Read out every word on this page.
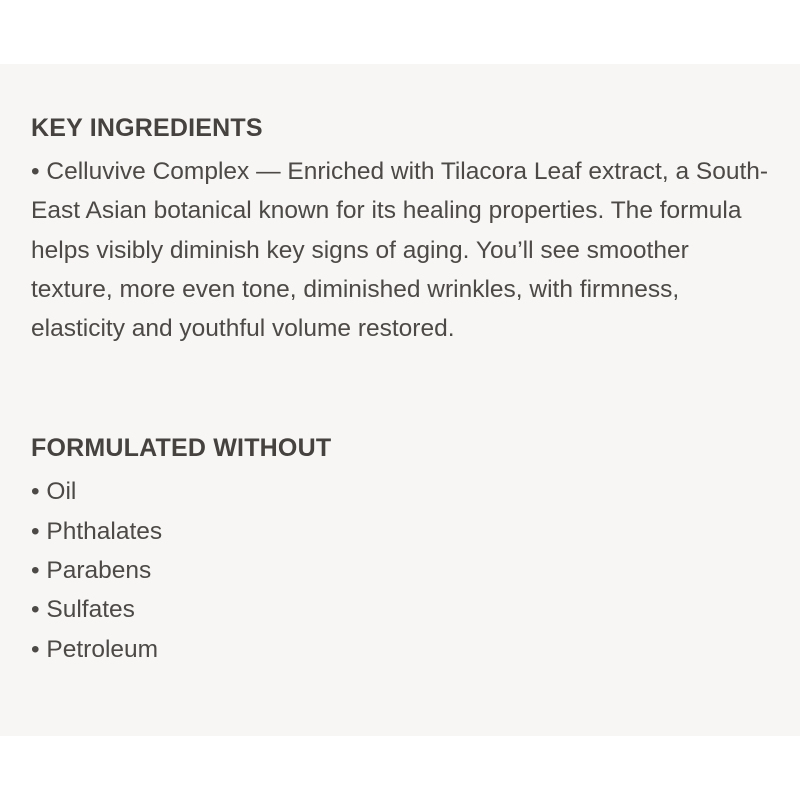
KEY INGREDIENTS

• Celluvive Complex — Enriched with Tilacora Leaf extract, a South-East Asian botanical known for its healing properties. The formula helps visibly diminish key signs of aging. You’ll see smoother texture, more even tone, diminished wrinkles, with firmness, elasticity and youthful volume restored.

FORMULATED WITHOUT
• Oil
• Phthalates
• Parabens
• Sulfates
• Petroleum
